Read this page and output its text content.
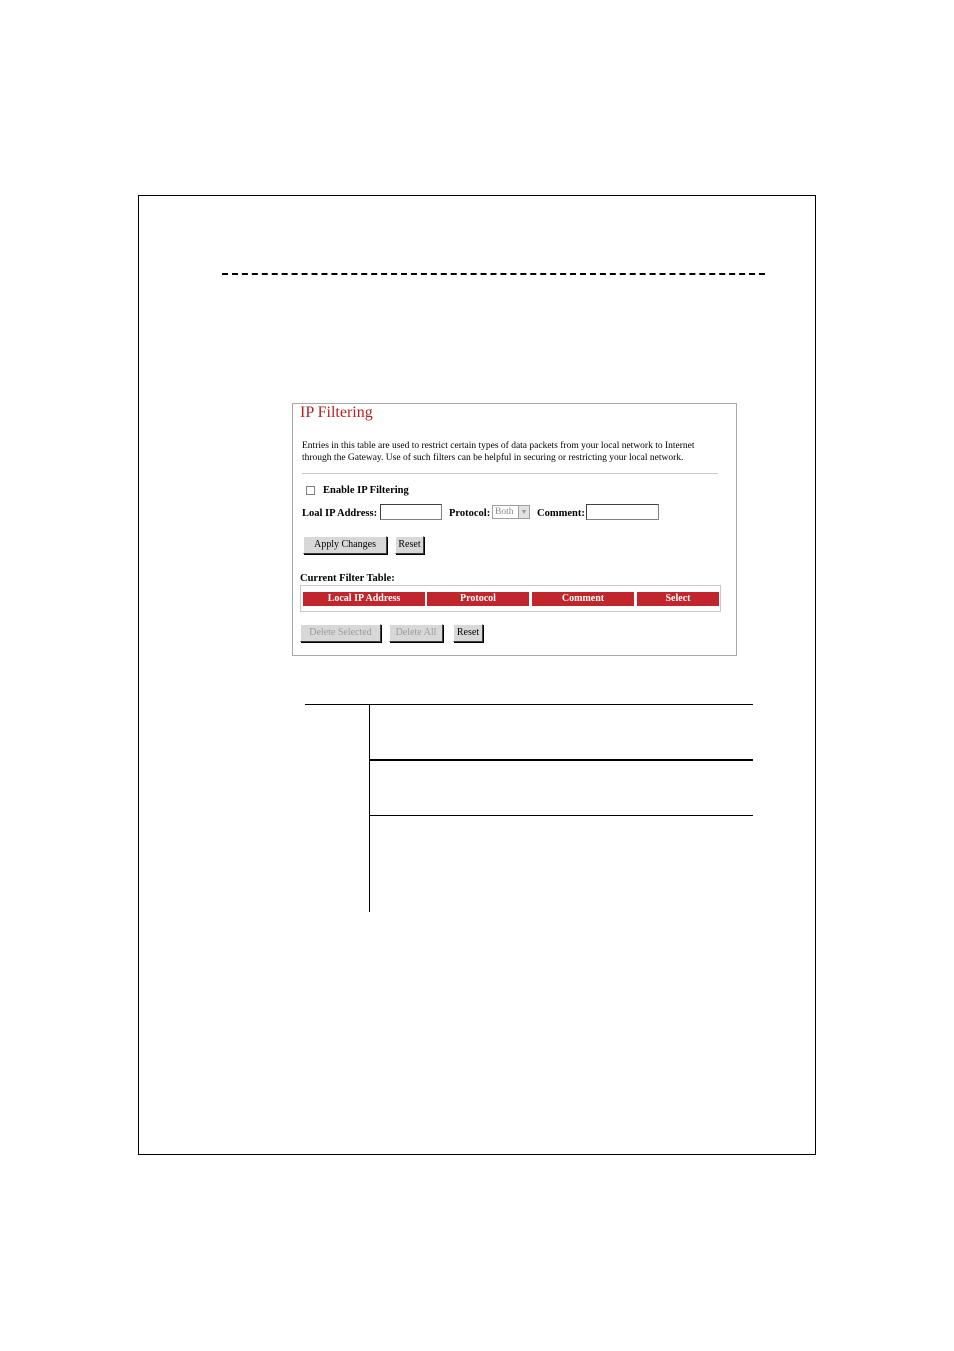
IP Filtering
Entries in this table are used to restrict certain types of data packets from your local network to Internet through the Gateway. Use of such filters can be helpful in securing or restricting your local network.
Enable IP Filtering
Loal IP Address:	Protocol: Both	▼ Comment:
Apply Changes	Reset
Current Filter Table:
Local IP Address	Protocol	Comment	Select
Delete Selected	Delete All	Reset
